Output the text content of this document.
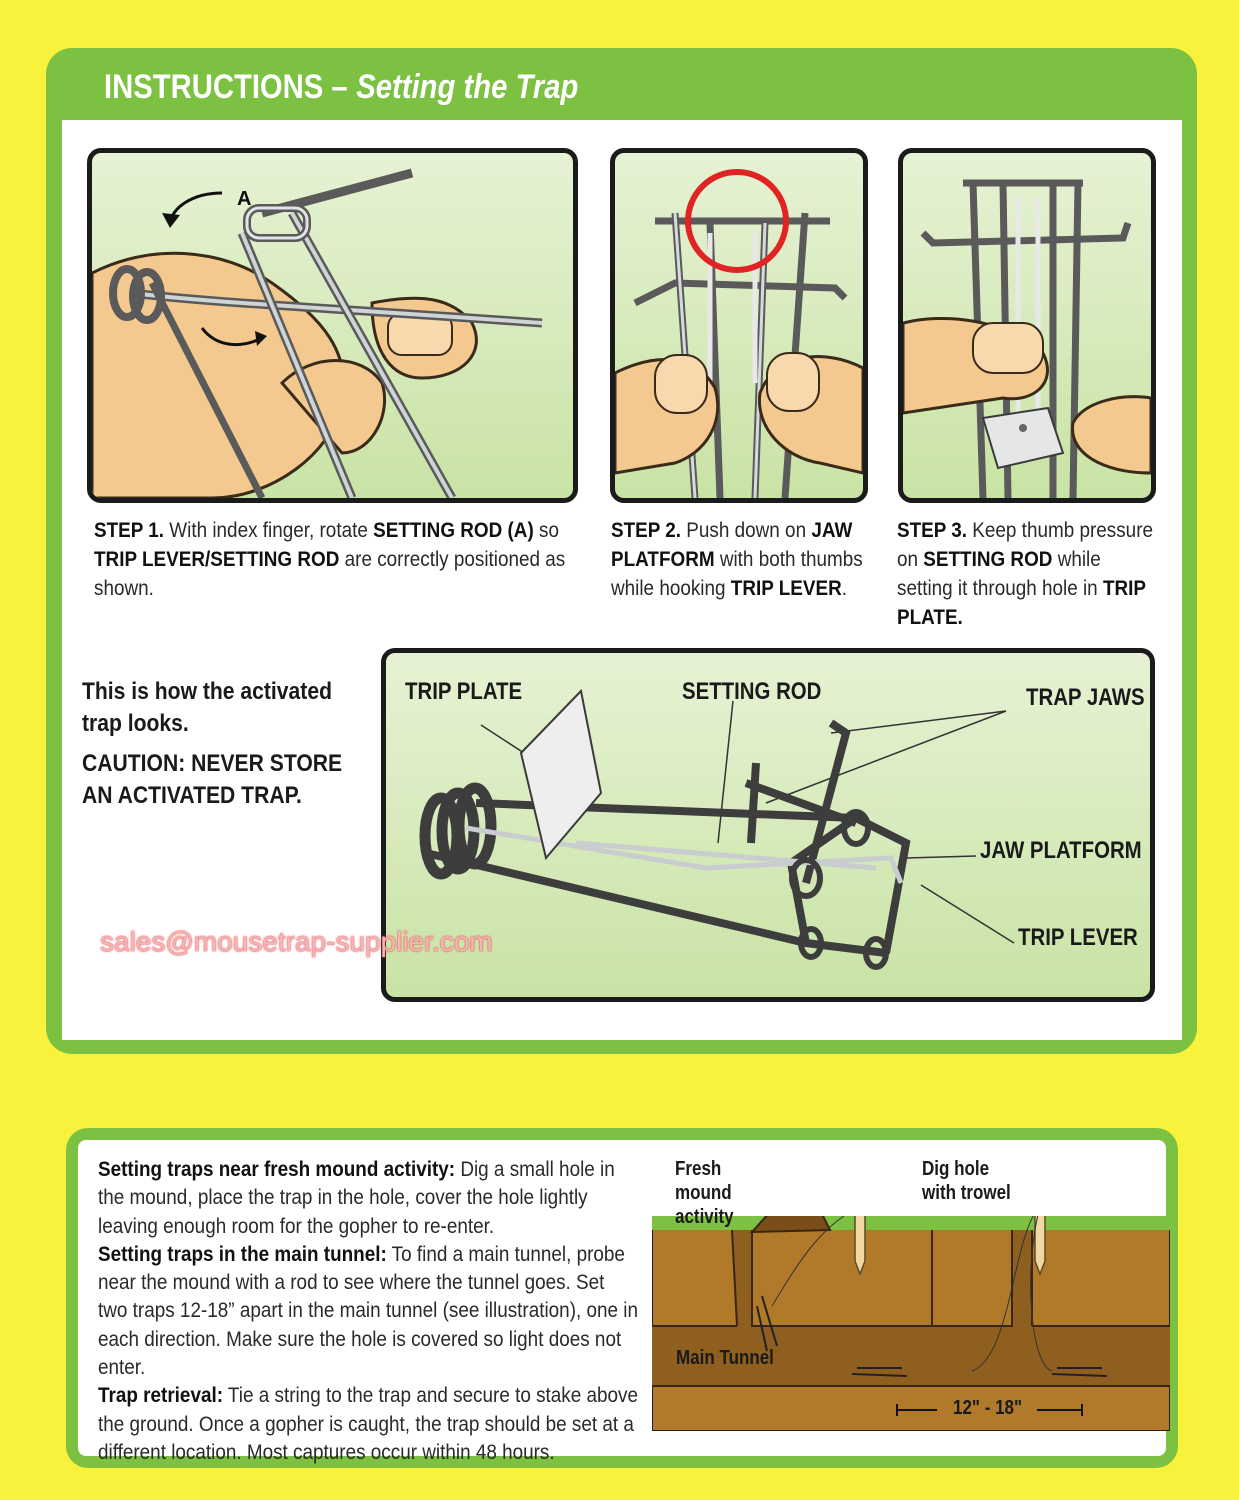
INSTRUCTIONS – Setting the Trap
A
STEP 1. With index finger, rotate SETTING ROD (A) so TRIP LEVER/SETTING ROD are correctly positioned as shown.
STEP 2. Push down on JAW PLATFORM with both thumbs while hooking TRIP LEVER.
STEP 3. Keep thumb pressure on SETTING ROD while setting it through hole in TRIP PLATE.
This is how the activated trap looks.
CAUTION: NEVER STORE AN ACTIVATED TRAP.
TRIP PLATE	SETTING ROD	TRAP JAWS
JAW PLATFORM
TRIP LEVER
sales@mousetrap-supplier.com

Setting traps near fresh mound activity: Dig a small hole in the mound, place the trap in the hole, cover the hole lightly leaving enough room for the gopher to re-enter.

Setting traps in the main tunnel: To find a main tunnel, probe near the mound with a rod to see where the tunnel goes. Set two traps 12-18” apart in the main tunnel (see illustration), one in each direction. Make sure the hole is covered so light does not enter.

Trap retrieval: Tie a string to the trap and secure to stake above the ground. Once a gopher is caught, the trap should be set at a different location. Most captures occur within 48 hours.

Fresh mound activity
Dig hole with trowel
Main Tunnel
12" - 18"
